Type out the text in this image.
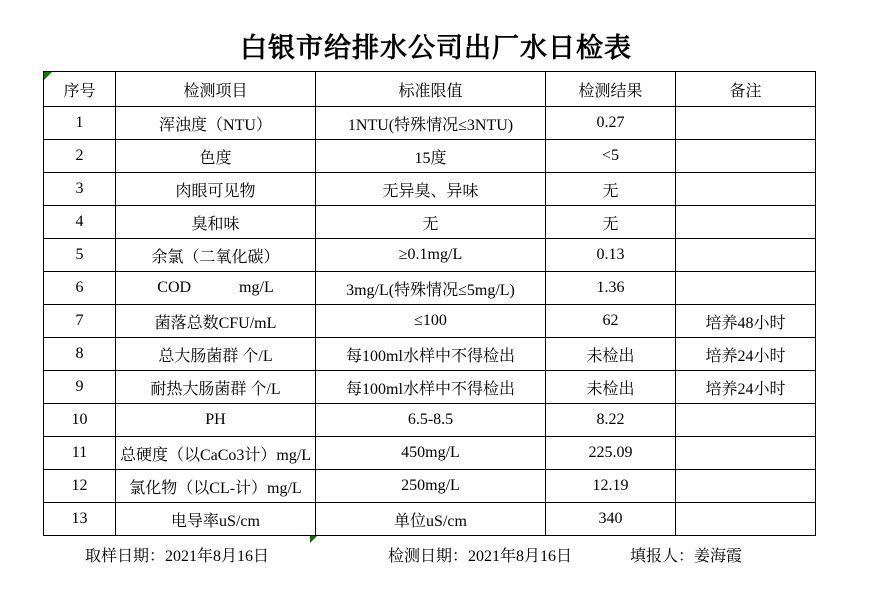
白银市给排水公司出厂水日检表
序号	检测项目	标准限值	检测结果	备注
1	浑浊度（NTU）	1NTU(特殊情况≤3NTU)	0.27	
2	色度	15度	<5	
3	肉眼可见物	无异臭、异味	无	
4	臭和味	无	无	
5	余氯（二氧化碳）	≥0.1mg/L	0.13	
6	COD            mg/L	3mg/L(特殊情况≤5mg/L)	1.36	
7	菌落总数CFU/mL	≤100	62	培养48小时
8	总大肠菌群 个/L	每100ml水样中不得检出	未检出	培养24小时
9	耐热大肠菌群 个/L	每100ml水样中不得检出	未检出	培养24小时
10	PH	6.5-8.5	8.22	
11	总硬度（以CaCo3计）mg/L	450mg/L	225.09	
12	氯化物（以CL-计）mg/L	250mg/L	12.19	
13	电导率uS/cm	单位uS/cm	340	
取样日期：2021年8月16日	检测日期：2021年8月16日	填报人：姜海霞
